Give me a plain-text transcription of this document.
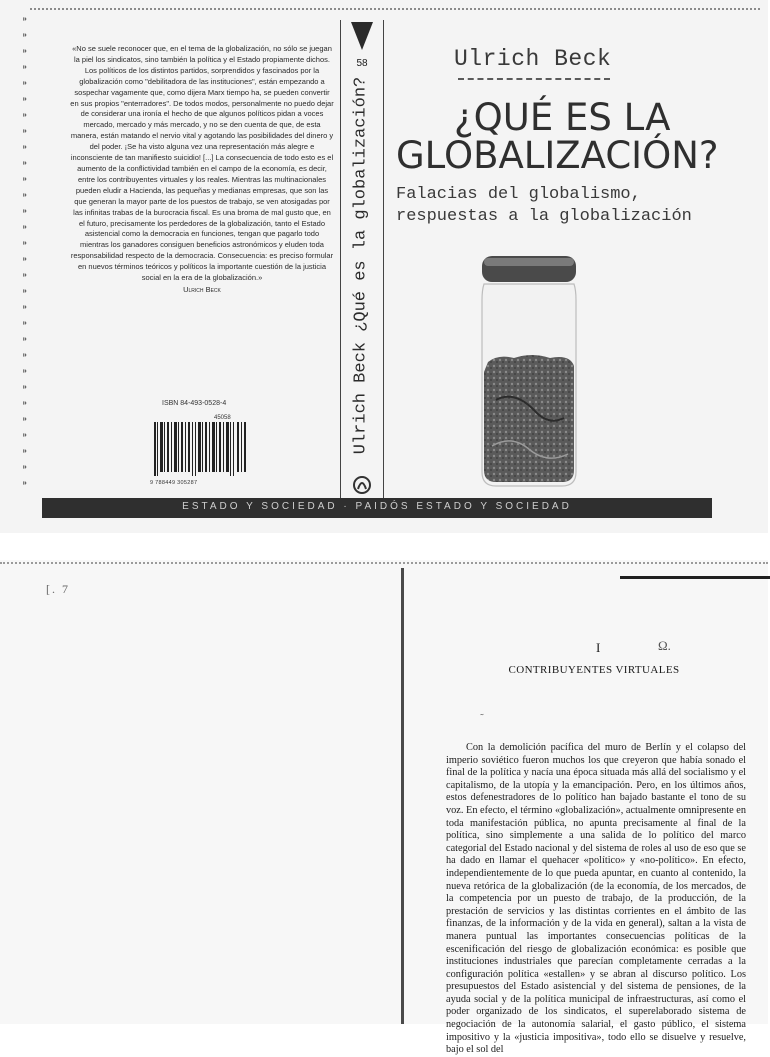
⁍
⁍
⁍
⁍
⁍
⁍
⁍
⁍
⁍
⁍
⁍
⁍
⁍
⁍
⁍
⁍
⁍
⁍
⁍
⁍
⁍
⁍
⁍
⁍
⁍
⁍
⁍
⁍
⁍
⁍
«No se suele reconocer que, en el tema de la globalización, no sólo se juegan la piel los sindicatos, sino también la política y el Estado propiamente dichos. Los políticos de los distintos partidos, sorprendidos y fascinados por la globalización como "debilitadora de las instituciones", están empezando a sospechar vagamente que, como dijera Marx tiempo ha, se pueden convertir en sus propios "enterradores". De todos modos, personalmente no puedo dejar de considerar una ironía el hecho de que algunos políticos pidan a voces mercado, mercado y más mercado, y no se den cuenta de que, de esta manera, están matando el nervio vital y agotando las posibilidades del dinero y del poder. ¡Se ha visto alguna vez una representación más alegre e inconsciente de tan manifiesto suicidio! [...] La consecuencia de todo esto es el aumento de la conflictividad también en el campo de la economía, es decir, entre los contribuyentes virtuales y los reales. Mientras las multinacionales pueden eludir a Hacienda, las pequeñas y medianas empresas, que son las que generan la mayor parte de los puestos de trabajo, se ven atosigadas por las infinitas trabas de la burocracia fiscal. Es una broma de mal gusto que, en el futuro, precisamente los perdedores de la globalización, tanto el Estado asistencial como la democracia en funciones, tengan que pagarlo todo mientras los ganadores consiguen beneficios astronómicos y eluden toda responsabilidad respecto de la democracia. Consecuencia: es preciso formular en nuevos términos teóricos y políticos la importante cuestión de la justicia social en la era de la globalización.»
Ulrich Beck
ISBN 84-493-0528-4
45058
9 788449 305287
58
Ulrich Beck ¿Qué es la globalización?
Ulrich Beck
¿QUÉ ES LA
GLOBALIZACIÓN?
Falacias del globalismo,
respuestas a la globalización
ESTADO Y SOCIEDAD · PAIDÓS ESTADO Y SOCIEDAD
[. 7
I	Ω.
CONTRIBUYENTES VIRTUALES
˜

Con la demolición pacífica del muro de Berlín y el colapso del imperio soviético fueron muchos los que creyeron que había sonado el final de la política y nacía una época situada más allá del socialismo y el capitalismo, de la utopía y la emancipación. Pero, en los últimos años, estos defenestradores de lo político han bajado bastante el tono de su voz. En efecto, el término «globalización», actualmente omnipresente en toda manifestación pública, no apunta precisamente al final de la política, sino simplemente a una salida de lo político del marco categorial del Estado nacional y del sistema de roles al uso de eso que se ha dado en llamar el quehacer «político» y «no-político». En efecto, independientemente de lo que pueda apuntar, en cuanto al contenido, la nueva retórica de la globalización (de la economía, de los mercados, de la competencia por un puesto de trabajo, de la producción, de la prestación de servicios y las distintas corrientes en el ámbito de las finanzas, de la información y de la vida en general), saltan a la vista de manera puntual las importantes consecuencias políticas de la escenificación del riesgo de globalización económica: es posible que instituciones industriales que parecían completamente cerradas a la configuración política «estallen» y se abran al discurso político. Los presupuestos del Estado asistencial y del sistema de pensiones, de la ayuda social y de la política municipal de infraestructuras, así como el poder organizado de los sindicatos, el superelaborado sistema de negociación de la autonomía salarial, el gasto público, el sistema impositivo y la «justicia impositiva», todo ello se disuelve y resuelve, bajo el sol del
